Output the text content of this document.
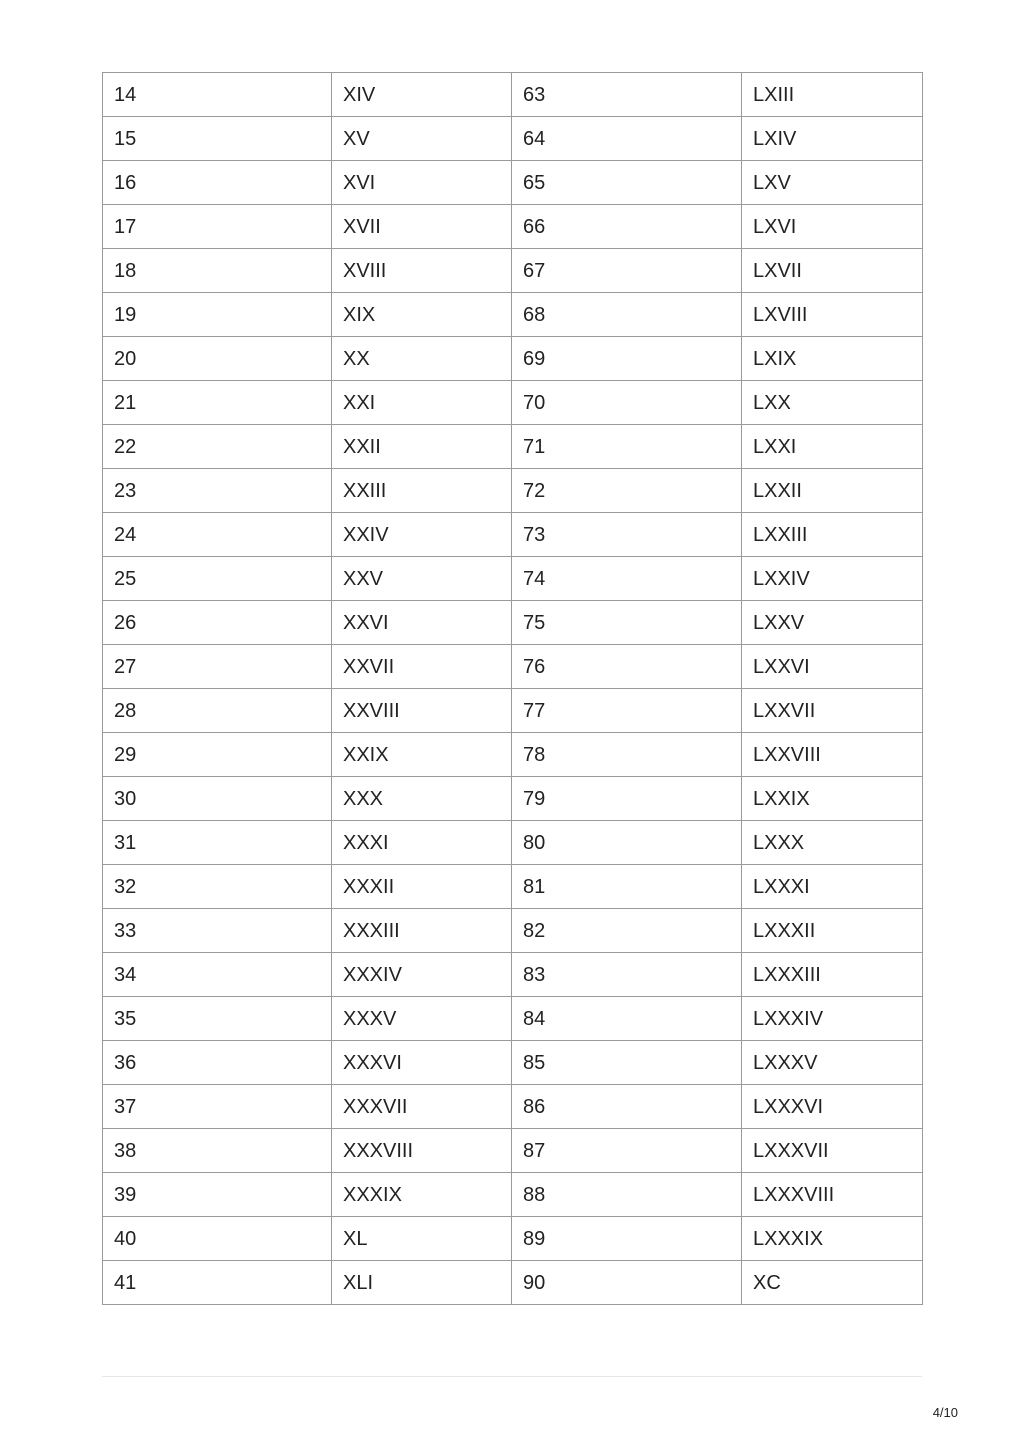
14	XIV	63	LXIII
15	XV	64	LXIV
16	XVI	65	LXV
17	XVII	66	LXVI
18	XVIII	67	LXVII
19	XIX	68	LXVIII
20	XX	69	LXIX
21	XXI	70	LXX
22	XXII	71	LXXI
23	XXIII	72	LXXII
24	XXIV	73	LXXIII
25	XXV	74	LXXIV
26	XXVI	75	LXXV
27	XXVII	76	LXXVI
28	XXVIII	77	LXXVII
29	XXIX	78	LXXVIII
30	XXX	79	LXXIX
31	XXXI	80	LXXX
32	XXXII	81	LXXXI
33	XXXIII	82	LXXXII
34	XXXIV	83	LXXXIII
35	XXXV	84	LXXXIV
36	XXXVI	85	LXXXV
37	XXXVII	86	LXXXVI
38	XXXVIII	87	LXXXVII
39	XXXIX	88	LXXXVIII
40	XL	89	LXXXIX
41	XLI	90	XC
4/10
